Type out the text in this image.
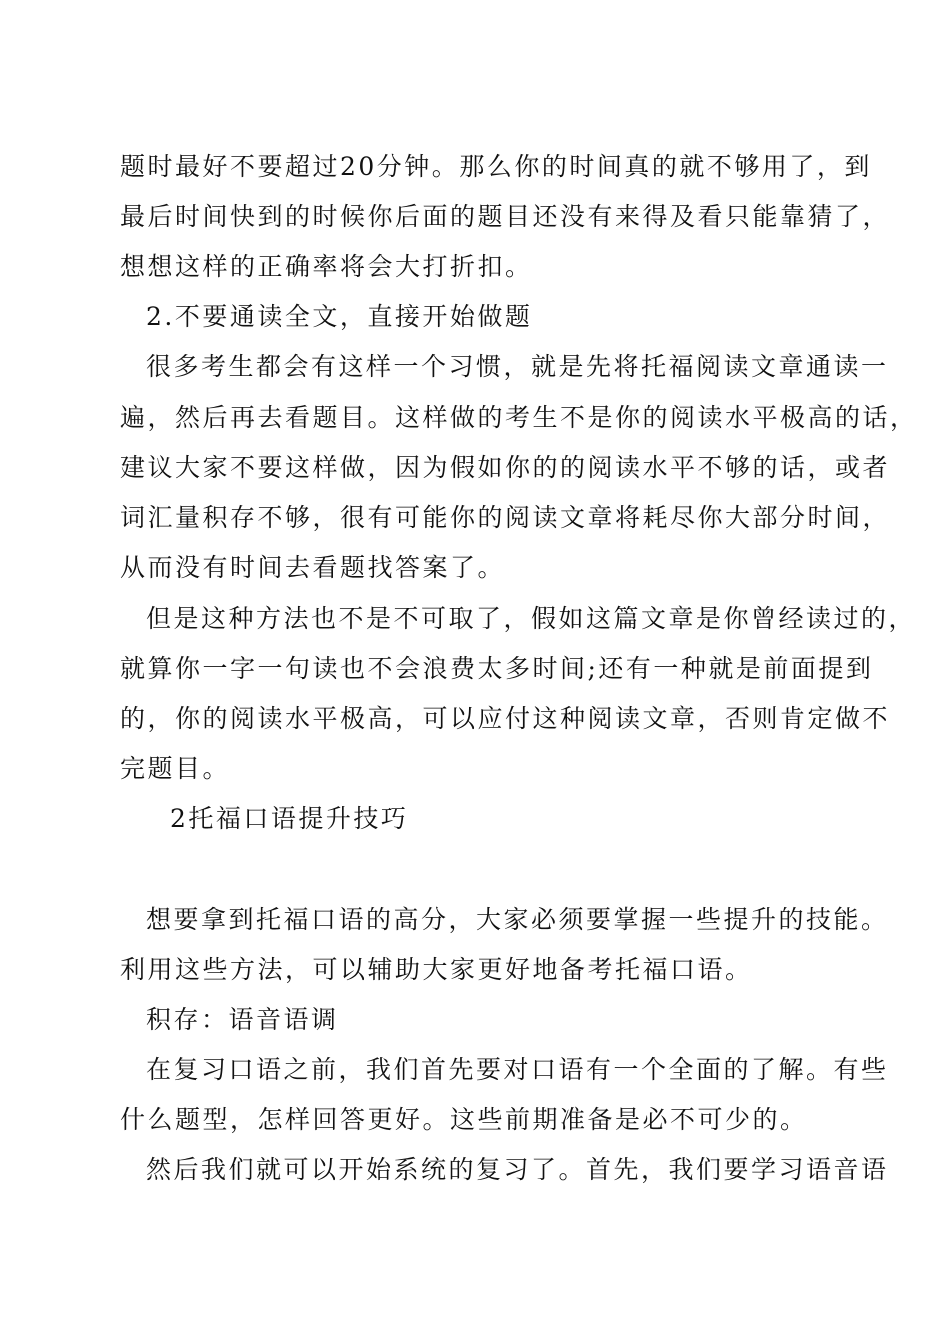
题时最好不要超过20分钟。那么你的时间真的就不够用了，到
最后时间快到的时候你后面的题目还没有来得及看只能靠猜了，
想想这样的正确率将会大打折扣。
2.不要通读全文，直接开始做题
很多考生都会有这样一个习惯，就是先将托福阅读文章通读一
遍，然后再去看题目。这样做的考生不是你的阅读水平极高的话，
建议大家不要这样做，因为假如你的的阅读水平不够的话，或者
词汇量积存不够，很有可能你的阅读文章将耗尽你大部分时间，
从而没有时间去看题找答案了。
但是这种方法也不是不可取了，假如这篇文章是你曾经读过的，
就算你一字一句读也不会浪费太多时间;还有一种就是前面提到
的，你的阅读水平极高，可以应付这种阅读文章，否则肯定做不
完题目。
2托福口语提升技巧
想要拿到托福口语的高分，大家必须要掌握一些提升的技能。
利用这些方法，可以辅助大家更好地备考托福口语。
积存：语音语调
在复习口语之前，我们首先要对口语有一个全面的了解。有些
什么题型，怎样回答更好。这些前期准备是必不可少的。
然后我们就可以开始系统的复习了。首先，我们要学习语音语
